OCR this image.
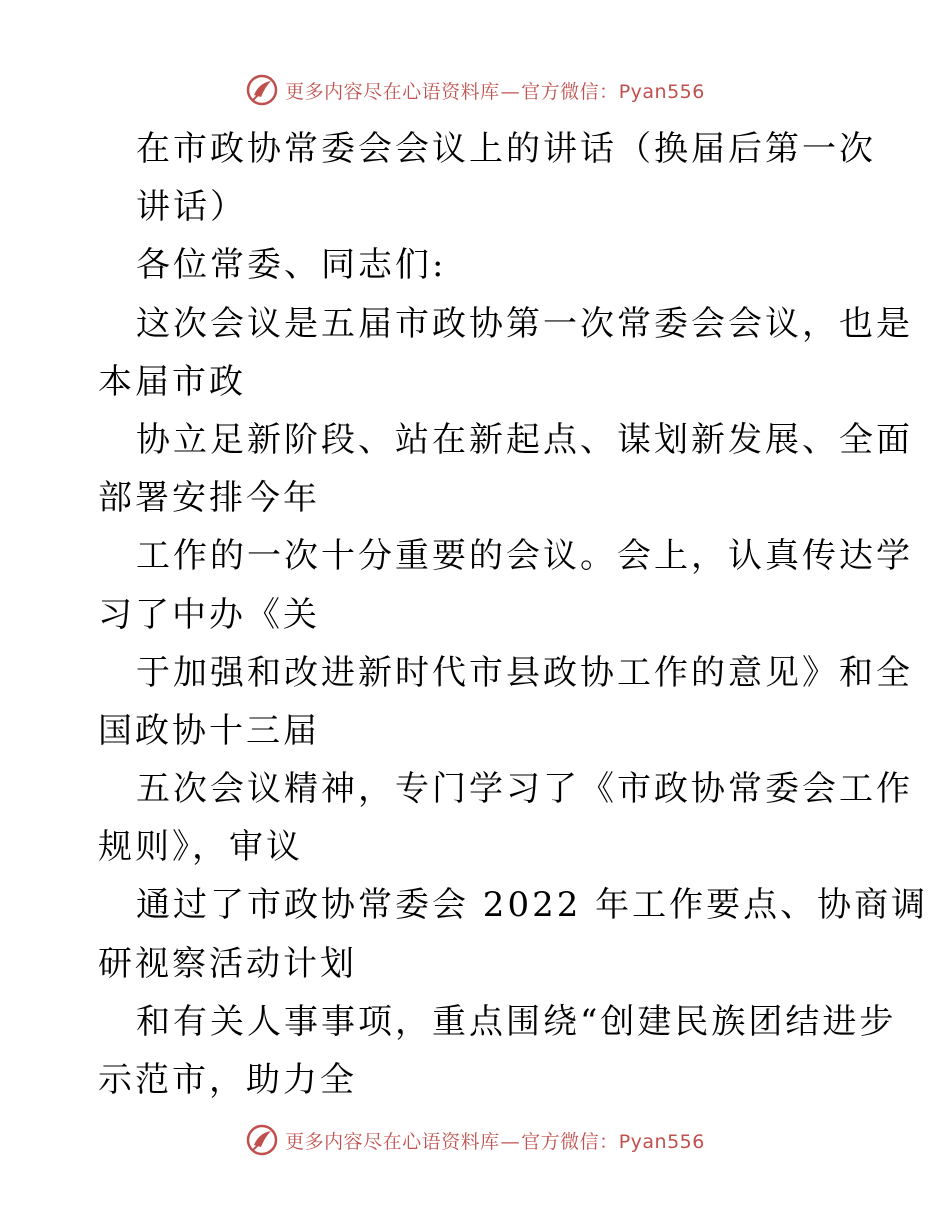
更多内容尽在心语资料库—官方微信：Pyan556
在市政协常委会会议上的讲话（换届后第一次
讲话）
各位常委、同志们:
这次会议是五届市政协第一次常委会会议，也是
本届市政
协立足新阶段、站在新起点、谋划新发展、全面
部署安排今年
工作的一次十分重要的会议。会上，认真传达学
习了中办《关
于加强和改进新时代市县政协工作的意见》和全
国政协十三届
五次会议精神，专门学习了《市政协常委会工作
规则》，审议
通过了市政协常委会 2022 年工作要点、协商调
研视察活动计划
和有关人事事项，重点围绕“创建民族团结进步
示范市，助力全
更多内容尽在心语资料库—官方微信：Pyan556
